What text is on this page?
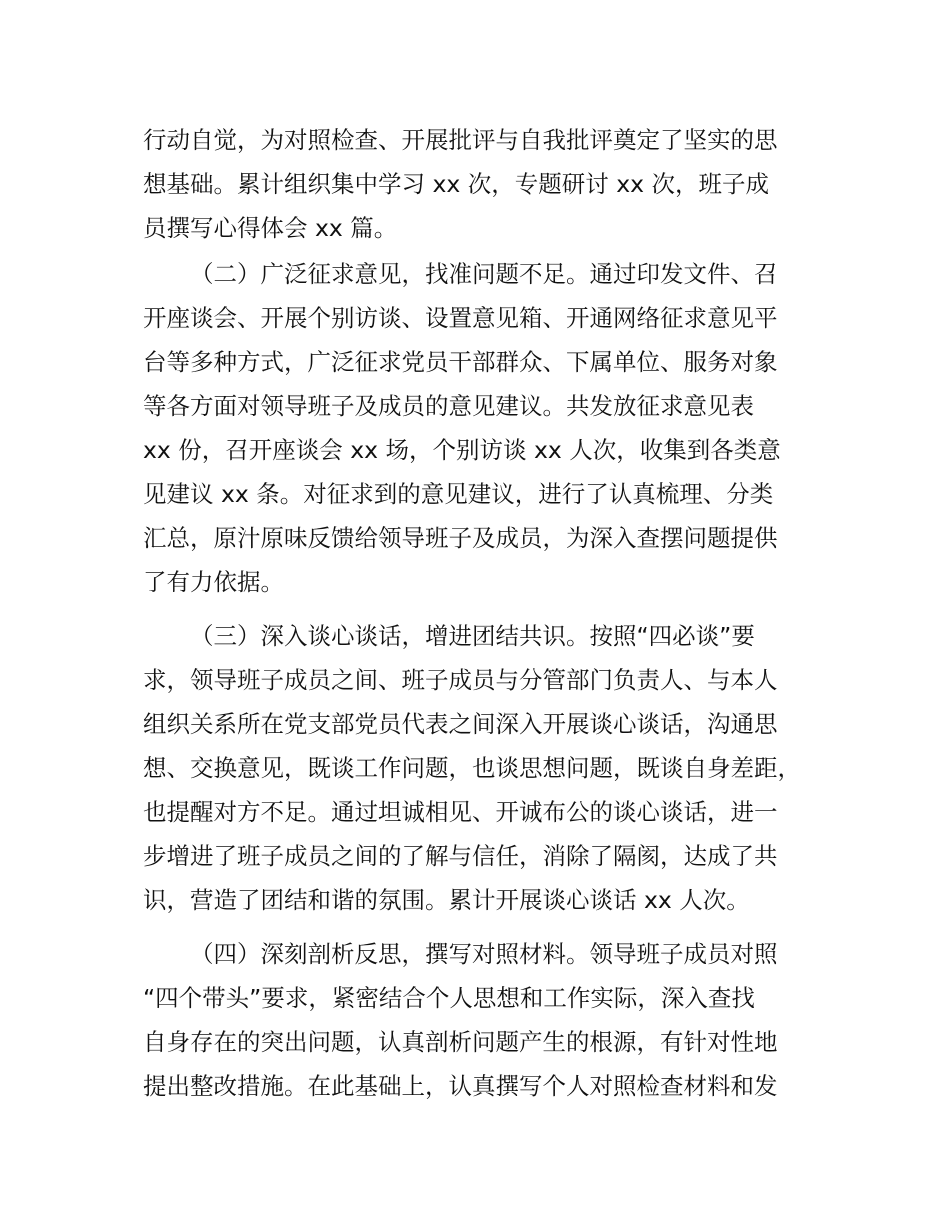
行动自觉，为对照检查、开展批评与自我批评奠定了坚实的思

想基础。累计组织集中学习 xx 次，专题研讨 xx 次，班子成

员撰写心得体会 xx 篇。

（二）广泛征求意见，找准问题不足。通过印发文件、召

开座谈会、开展个别访谈、设置意见箱、开通网络征求意见平

台等多种方式，广泛征求党员干部群众、下属单位、服务对象

等各方面对领导班子及成员的意见建议。共发放征求意见表

xx 份，召开座谈会 xx 场，个别访谈 xx 人次，收集到各类意

见建议 xx 条。对征求到的意见建议，进行了认真梳理、分类

汇总，原汁原味反馈给领导班子及成员，为深入查摆问题提供

了有力依据。

（三）深入谈心谈话，增进团结共识。按照“四必谈”要

求，领导班子成员之间、班子成员与分管部门负责人、与本人

组织关系所在党支部党员代表之间深入开展谈心谈话，沟通思

想、交换意见，既谈工作问题，也谈思想问题，既谈自身差距，

也提醒对方不足。通过坦诚相见、开诚布公的谈心谈话，进一

步增进了班子成员之间的了解与信任，消除了隔阂，达成了共

识，营造了团结和谐的氛围。累计开展谈心谈话 xx 人次。

（四）深刻剖析反思，撰写对照材料。领导班子成员对照

“四个带头”要求，紧密结合个人思想和工作实际，深入查找

自身存在的突出问题，认真剖析问题产生的根源，有针对性地

提出整改措施。在此基础上，认真撰写个人对照检查材料和发
